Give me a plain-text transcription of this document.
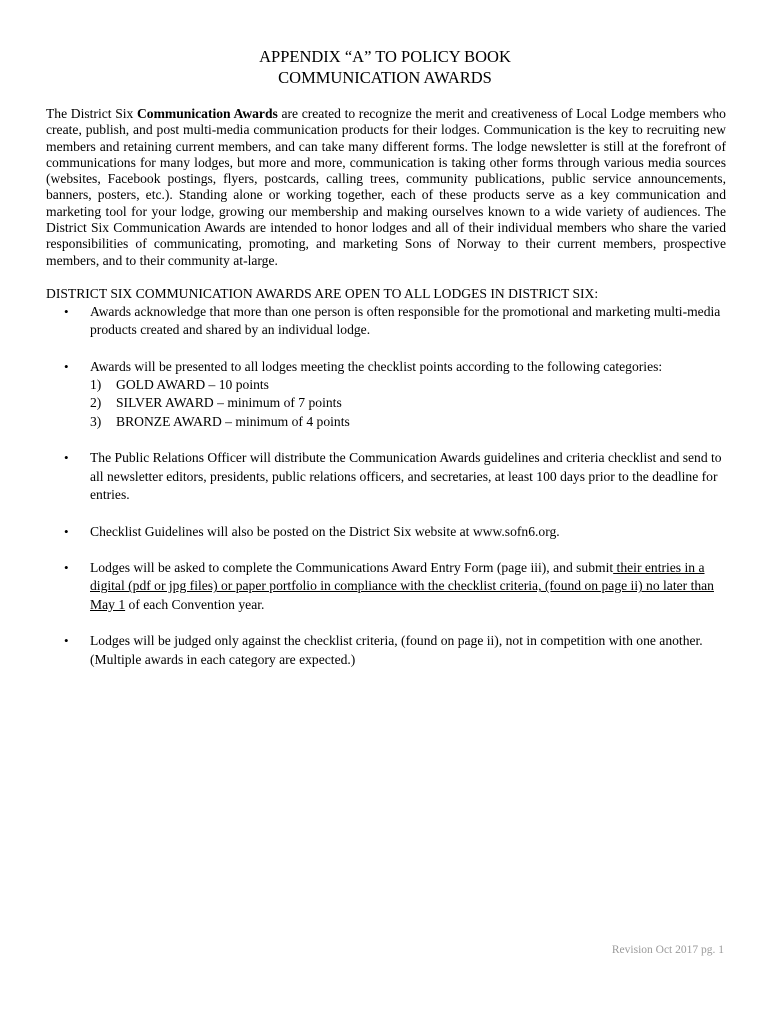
APPENDIX “A” TO POLICY BOOK
COMMUNICATION AWARDS

The District Six Communication Awards are created to recognize the merit and creativeness of Local Lodge members who create, publish, and post multi-media communication products for their lodges. Communication is the key to recruiting new members and retaining current members, and can take many different forms. The lodge newsletter is still at the forefront of communications for many lodges, but more and more, communication is taking other forms through various media sources (websites, Facebook postings, flyers, postcards, calling trees, community publications, public service announcements, banners, posters, etc.). Standing alone or working together, each of these products serve as a key communication and marketing tool for your lodge, growing our membership and making ourselves known to a wide variety of audiences. The District Six Communication Awards are intended to honor lodges and all of their individual members who share the varied responsibilities of communicating, promoting, and marketing Sons of Norway to their current members, prospective members, and to their community at-large.

DISTRICT SIX COMMUNICATION AWARDS ARE OPEN TO ALL LODGES IN DISTRICT SIX:

• Awards acknowledge that more than one person is often responsible for the promotional and marketing multi-media products created and shared by an individual lodge.
• Awards will be presented to all lodges meeting the checklist points according to the following categories:
1) GOLD AWARD – 10 points
2) SILVER AWARD – minimum of 7 points
3) BRONZE AWARD – minimum of 4 points
• The Public Relations Officer will distribute the Communication Awards guidelines and criteria checklist and send to all newsletter editors, presidents, public relations officers, and secretaries, at least 100 days prior to the deadline for entries.
• Checklist Guidelines will also be posted on the District Six website at www.sofn6.org.
• Lodges will be asked to complete the Communications Award Entry Form (page iii), and submit their entries in a digital (pdf or jpg files) or paper portfolio in compliance with the checklist criteria, (found on page ii) no later than May 1 of each Convention year.
• Lodges will be judged only against the checklist criteria, (found on page ii), not in competition with one another. (Multiple awards in each category are expected.)
Revision Oct 2017 pg. 1
